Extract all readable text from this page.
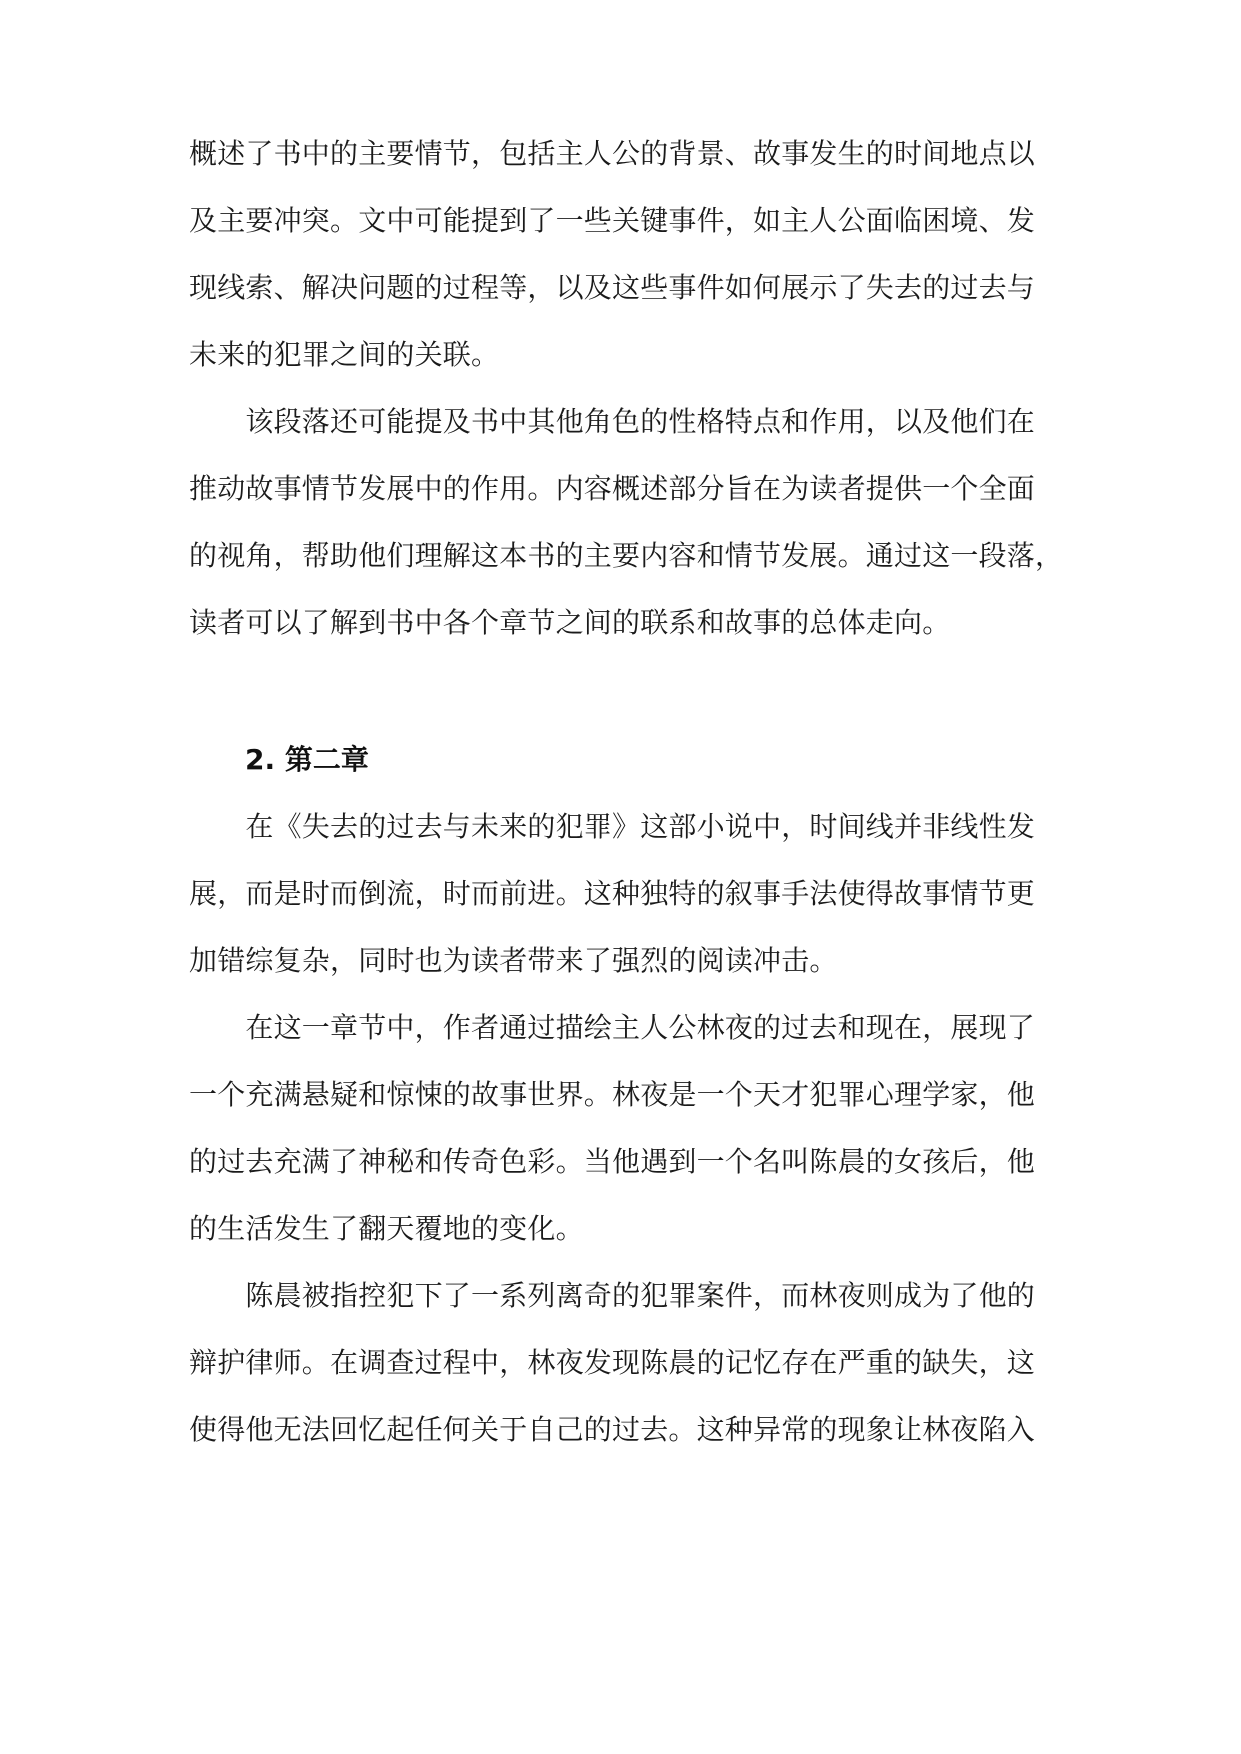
概述了书中的主要情节，包括主人公的背景、故事发生的时间地点以
及主要冲突。文中可能提到了一些关键事件，如主人公面临困境、发
现线索、解决问题的过程等，以及这些事件如何展示了失去的过去与
未来的犯罪之间的关联。
　　该段落还可能提及书中其他角色的性格特点和作用，以及他们在
推动故事情节发展中的作用。内容概述部分旨在为读者提供一个全面
的视角，帮助他们理解这本书的主要内容和情节发展。通过这一段落，
读者可以了解到书中各个章节之间的联系和故事的总体走向。
　　在《失去的过去与未来的犯罪》这部小说中，时间线并非线性发
展，而是时而倒流，时而前进。这种独特的叙事手法使得故事情节更
加错综复杂，同时也为读者带来了强烈的阅读冲击。
　　在这一章节中，作者通过描绘主人公林夜的过去和现在，展现了
一个充满悬疑和惊悚的故事世界。林夜是一个天才犯罪心理学家，他
的过去充满了神秘和传奇色彩。当他遇到一个名叫陈晨的女孩后，他
的生活发生了翻天覆地的变化。
　　陈晨被指控犯下了一系列离奇的犯罪案件，而林夜则成为了他的
辩护律师。在调查过程中，林夜发现陈晨的记忆存在严重的缺失，这
使得他无法回忆起任何关于自己的过去。这种异常的现象让林夜陷入
2. 第二章
